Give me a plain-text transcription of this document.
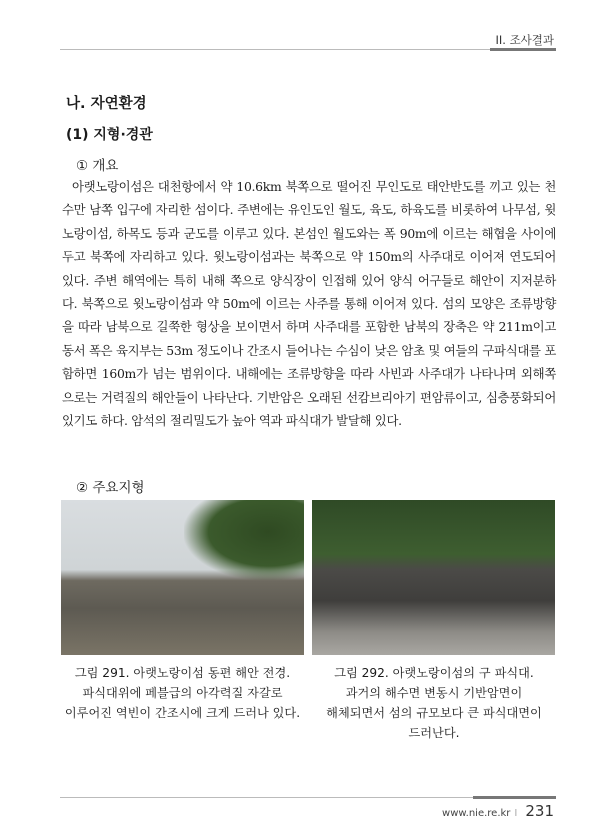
II. 조사결과
나. 자연환경
(1) 지형·경관
① 개요
아랫노랑이섬은 대천항에서 약 10.6km 북쪽으로 떨어진 무인도로 태안반도를 끼고 있는 천수만 남쪽 입구에 자리한 섬이다. 주변에는 유인도인 월도, 육도, 하육도를 비롯하여 나무섬, 윗노랑이섬, 하목도 등과 군도를 이루고 있다. 본섬인 월도와는 폭 90m에 이르는 해협을 사이에 두고 북쪽에 자리하고 있다. 윗노랑이섬과는 북쪽으로 약 150m의 사주대로 이어져 연도되어 있다. 주변 해역에는 특히 내해 쪽으로 양식장이 인접해 있어 양식 어구들로 해안이 지저분하다. 북쪽으로 윗노랑이섬과 약 50m에 이르는 사주를 통해 이어져 있다. 섬의 모양은 조류방향을 따라 남북으로 길쭉한 형상을 보이면서 하며 사주대를 포함한 남북의 장축은 약 211m이고 동서 폭은 육지부는 53m 정도이나 간조시 들어나는 수심이 낮은 암초 및 여들의 구파식대를 포함하면 160m가 넘는 범위이다. 내해에는 조류방향을 따라 사빈과 사주대가 나타나며 외해쪽으로는 거력질의 해안들이 나타난다. 기반암은 오래된 선캄브리아기 편암류이고, 심층풍화되어 있기도 하다. 암석의 절리밀도가 높아 역과 파식대가 발달해 있다.
② 주요지형
그림 291. 아랫노랑이섬 동편 해안 전경.
파식대위에 페블급의 아각력질 자갈로
이루어진 역빈이 간조시에 크게 드러나 있다.
그림 292. 아랫노랑이섬의 구 파식대.
과거의 해수면 변동시 기반암면이
해체되면서 섬의 규모보다 큰 파식대면이
드러난다.
www.nie.re.kr I 231
